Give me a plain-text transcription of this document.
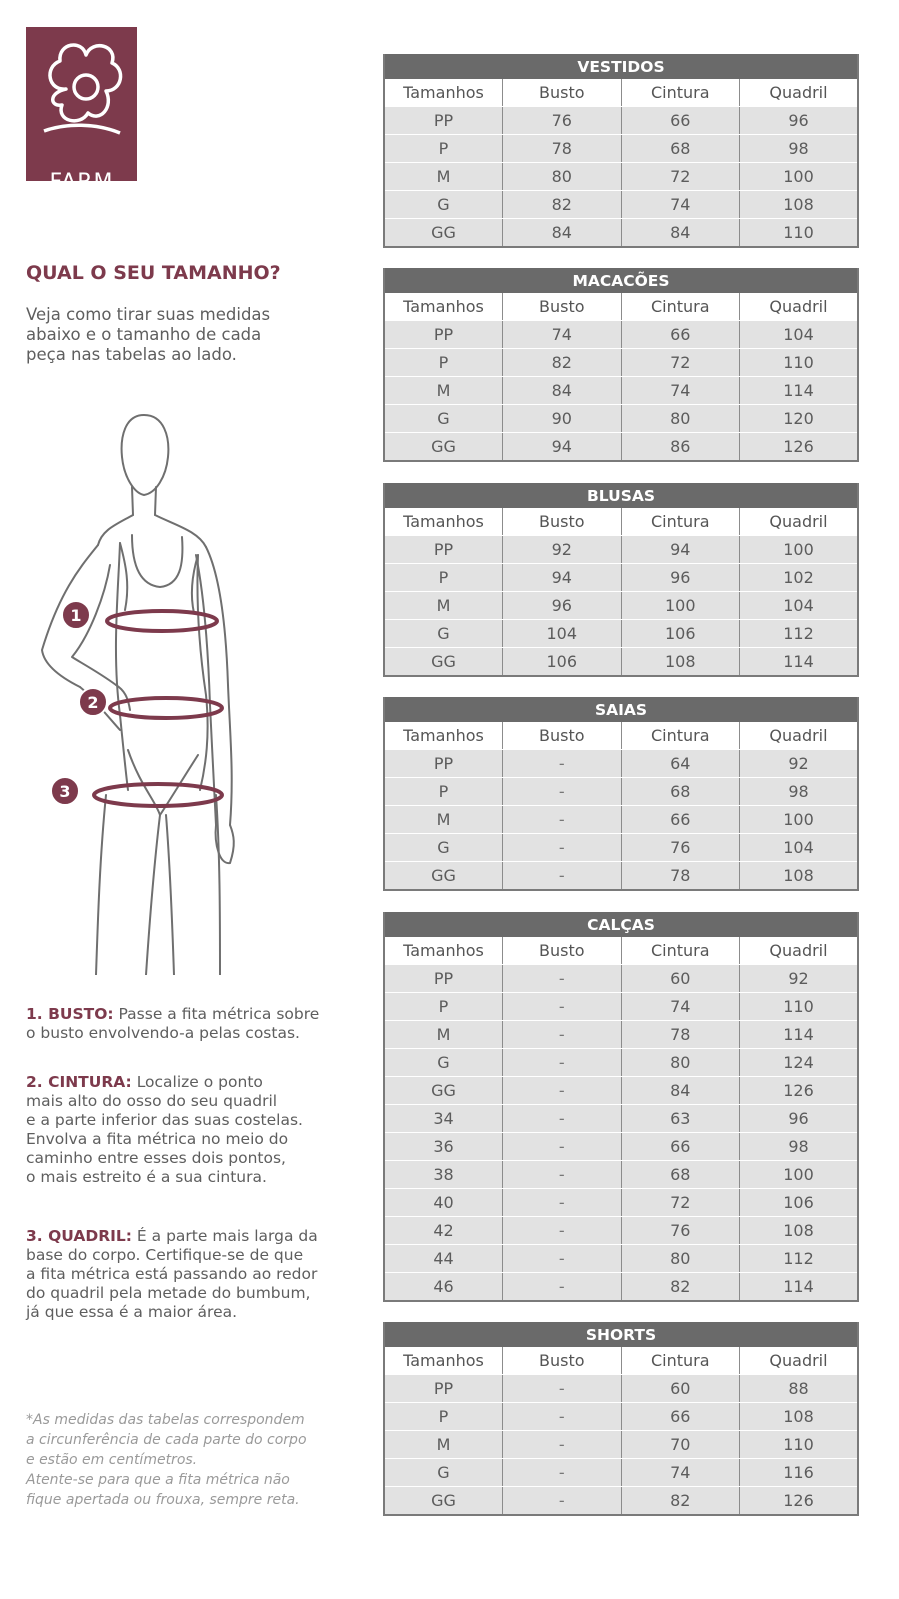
FARM
QUAL O SEU TAMANHO?
Veja como tirar suas medidas
abaixo e o tamanho de cada
peça nas tabelas ao lado.
1
2
3
1. BUSTO: Passe a fita métrica sobre
o busto envolvendo-a pelas costas.
2. CINTURA: Localize o ponto
mais alto do osso do seu quadril
e a parte inferior das suas costelas.
Envolva a fita métrica no meio do
caminho entre esses dois pontos,
o mais estreito é a sua cintura.
3. QUADRIL: É a parte mais larga da
base do corpo. Certifique-se de que
a fita métrica está passando ao redor
do quadril pela metade do bumbum,
já que essa é a maior área.
*As medidas das tabelas correspondem
a circunferência de cada parte do corpo
e estão em centímetros.
Atente-se para que a fita métrica não
fique apertada ou frouxa, sempre reta.
VESTIDOS			
Tamanhos	Busto	Cintura	Quadril
PP	76	66	96
P	78	68	98
M	80	72	100
G	82	74	108
GG	84	84	110
MACACÕES			
Tamanhos	Busto	Cintura	Quadril
PP	74	66	104
P	82	72	110
M	84	74	114
G	90	80	120
GG	94	86	126
BLUSAS			
Tamanhos	Busto	Cintura	Quadril
PP	92	94	100
P	94	96	102
M	96	100	104
G	104	106	112
GG	106	108	114
SAIAS			
Tamanhos	Busto	Cintura	Quadril
PP	-	64	92
P	-	68	98
M	-	66	100
G	-	76	104
GG	-	78	108
CALÇAS			
Tamanhos	Busto	Cintura	Quadril
PP	-	60	92
P	-	74	110
M	-	78	114
G	-	80	124
GG	-	84	126
34	-	63	96
36	-	66	98
38	-	68	100
40	-	72	106
42	-	76	108
44	-	80	112
46	-	82	114
SHORTS			
Tamanhos	Busto	Cintura	Quadril
PP	-	60	88
P	-	66	108
M	-	70	110
G	-	74	116
GG	-	82	126
